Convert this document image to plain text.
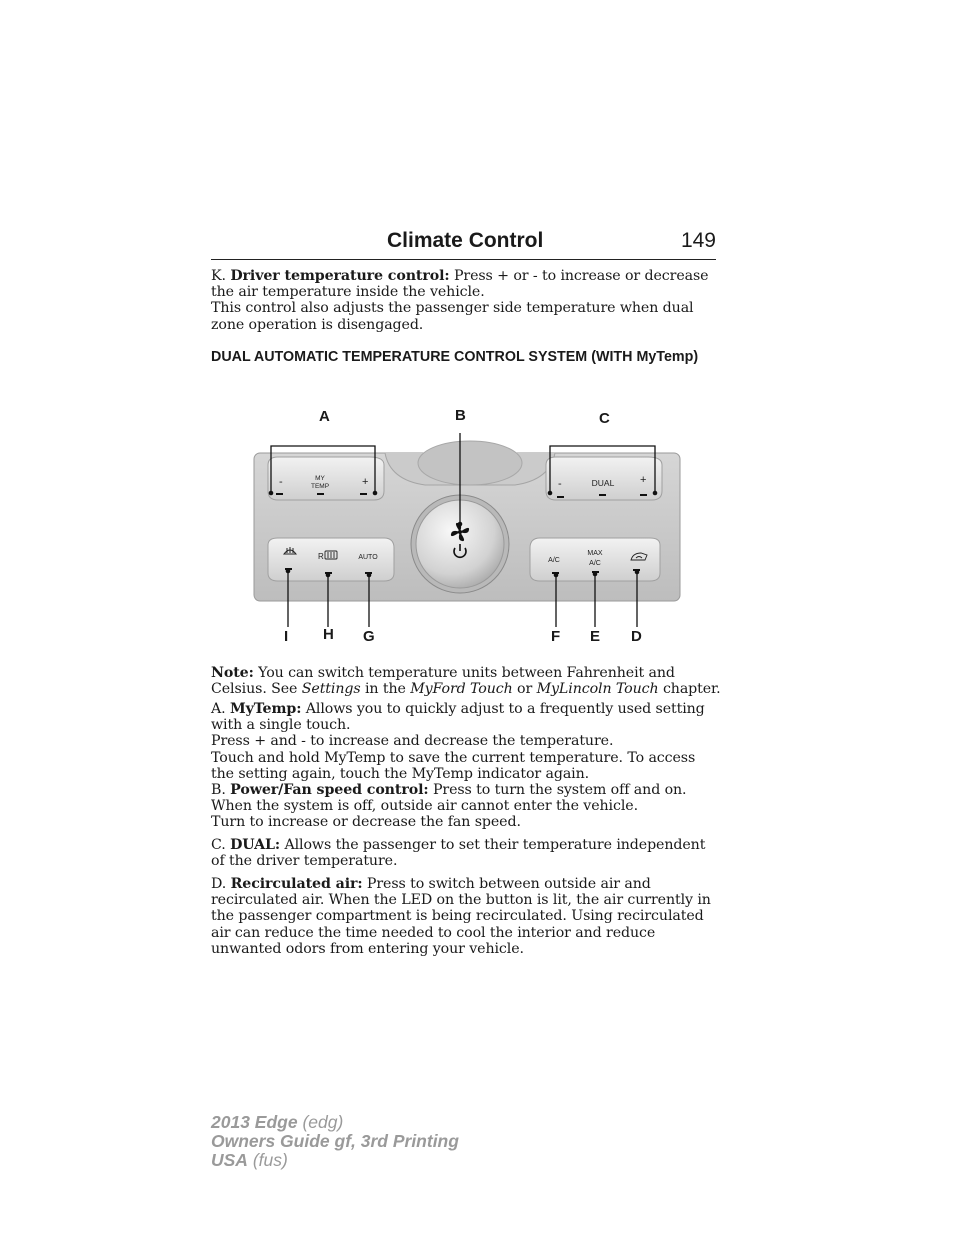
Climate Control	149

K. Driver temperature control: Press + or - to increase or decrease the air temperature inside the vehicle.

This control also adjusts the passenger side temperature when dual zone operation is disengaged.

DUAL AUTOMATIC TEMPERATURE CONTROL SYSTEM (WITH MyTemp)
-	+
MY
TEMP	-	+
DUAL
R	AUTO	A/C
MAX
A/C
A	B	C
I H G	F E D

Note: You can switch temperature units between Fahrenheit and Celsius. See Settings in the MyFord Touch or MyLincoln Touch chapter.

A. MyTemp: Allows you to quickly adjust to a frequently used setting with a single touch.

Press + and - to increase and decrease the temperature.

Touch and hold MyTemp to save the current temperature. To access the setting again, touch the MyTemp indicator again.

B. Power/Fan speed control: Press to turn the system off and on. When the system is off, outside air cannot enter the vehicle.

Turn to increase or decrease the fan speed.

C. DUAL: Allows the passenger to set their temperature independent of the driver temperature.

D. Recirculated air: Press to switch between outside air and recirculated air. When the LED on the button is lit, the air currently in the passenger compartment is being recirculated. Using recirculated air can reduce the time needed to cool the interior and reduce unwanted odors from entering your vehicle.

2013 Edge (edg)
Owners Guide gf, 3rd Printing
USA (fus)
